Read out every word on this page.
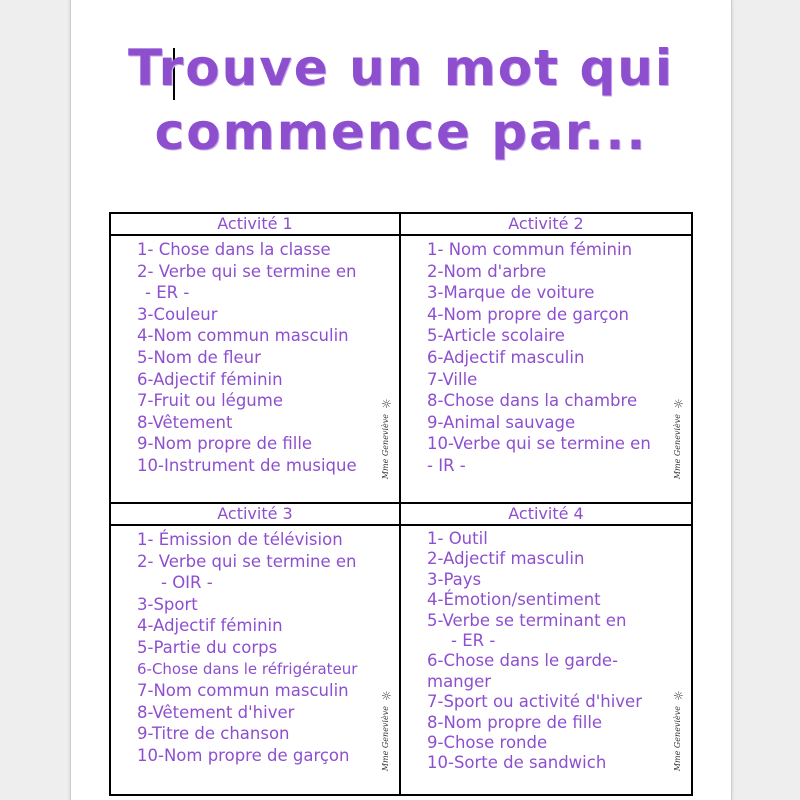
Trouve un mot qui
commence par...
Activité 1
1- Chose dans la classe
2- Verbe qui se termine en
- ER -
3-Couleur
4-Nom commun masculin
5-Nom de fleur
6-Adjectif féminin
7-Fruit ou légume
8-Vêtement
9-Nom propre de fille
10-Instrument de musique
☼
Mme Geneviève
Activité 2
1- Nom commun féminin
2-Nom d'arbre
3-Marque de voiture
4-Nom propre de garçon
5-Article scolaire
6-Adjectif masculin
7-Ville
8-Chose dans la chambre
9-Animal sauvage
10-Verbe qui se termine en
- IR -
☼
Mme Geneviève
Activité 3
1- Émission de télévision
2- Verbe qui se termine en
- OIR -
3-Sport
4-Adjectif féminin
5-Partie du corps
6-Chose dans le réfrigérateur
7-Nom commun masculin
8-Vêtement d'hiver
9-Titre de chanson
10-Nom propre de garçon
☼
Mme Geneviève
Activité 4
1- Outil
2-Adjectif masculin
3-Pays
4-Émotion/sentiment
5-Verbe se terminant en
- ER -
6-Chose dans le garde-manger
7-Sport ou activité d'hiver
8-Nom propre de fille
9-Chose ronde
10-Sorte de sandwich
☼
Mme Geneviève
